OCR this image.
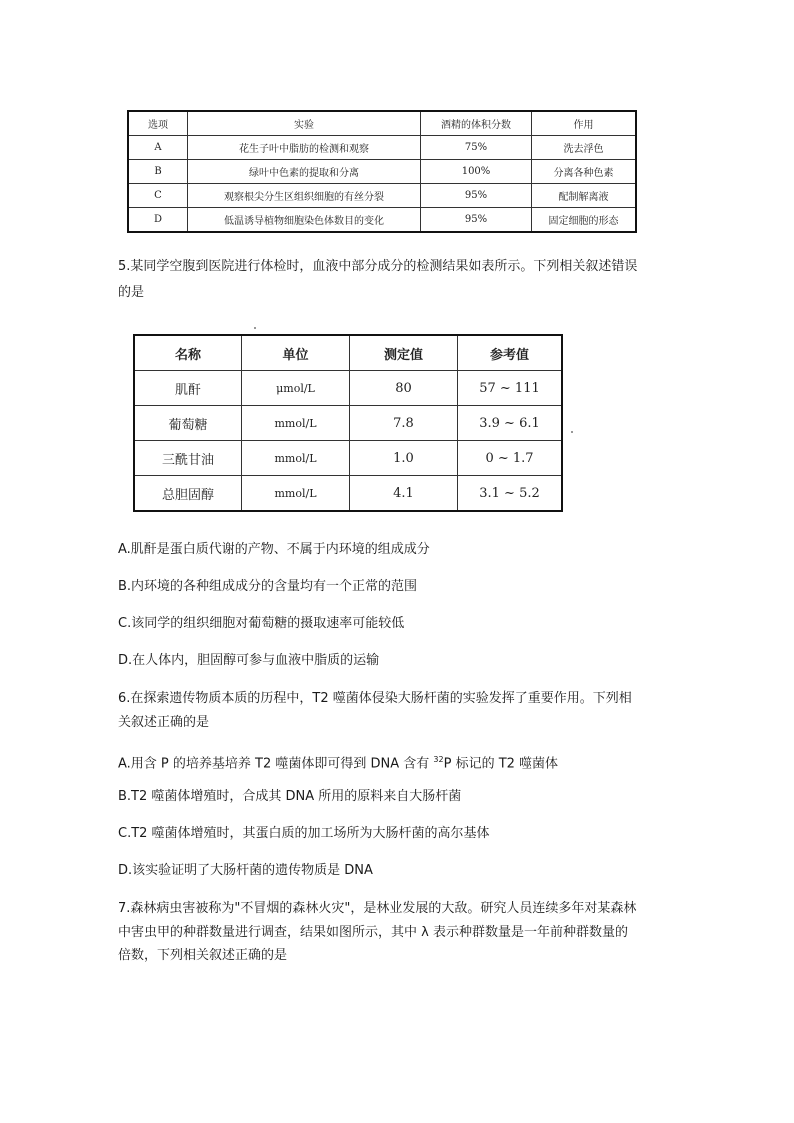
选项	实验	酒精的体积分数	作用
A	花生子叶中脂肪的检测和观察	75%	洗去浮色
B	绿叶中色素的提取和分离	100%	分离各种色素
C	观察根尖分生区组织细胞的有丝分裂	95%	配制解离液
D	低温诱导植物细胞染色体数目的变化	95%	固定细胞的形态
5.某同学空腹到医院进行体检时，血液中部分成分的检测结果如表所示。下列相关叙述错误
的是
名称	单位	测定值	参考值
肌酐	μmol/L	80	57 ~ 111
葡萄糖	mmol/L	7.8	3.9 ~ 6.1
三酰甘油	mmol/L	1.0	0 ~ 1.7
总胆固醇	mmol/L	4.1	3.1 ~ 5.2
A.肌酐是蛋白质代谢的产物、不属于内环境的组成成分
B.内环境的各种组成成分的含量均有一个正常的范围
C.该同学的组织细胞对葡萄糖的摄取速率可能较低
D.在人体内，胆固醇可参与血液中脂质的运输
6.在探索遗传物质本质的历程中，T2 噬菌体侵染大肠杆菌的实验发挥了重要作用。下列相
关叙述正确的是
A.用含 P 的培养基培养 T2 噬菌体即可得到 DNA 含有 $^{32}$P 标记的 T2 噬菌体
B.T2 噬菌体增殖时，合成其 DNA 所用的原料来自大肠杆菌
C.T2 噬菌体增殖时，其蛋白质的加工场所为大肠杆菌的高尔基体
D.该实验证明了大肠杆菌的遗传物质是 DNA
7.森林病虫害被称为"不冒烟的森林火灾"，是林业发展的大敌。研究人员连续多年对某森林
中害虫甲的种群数量进行调查，结果如图所示，其中 λ 表示种群数量是一年前种群数量的
倍数，下列相关叙述正确的是
